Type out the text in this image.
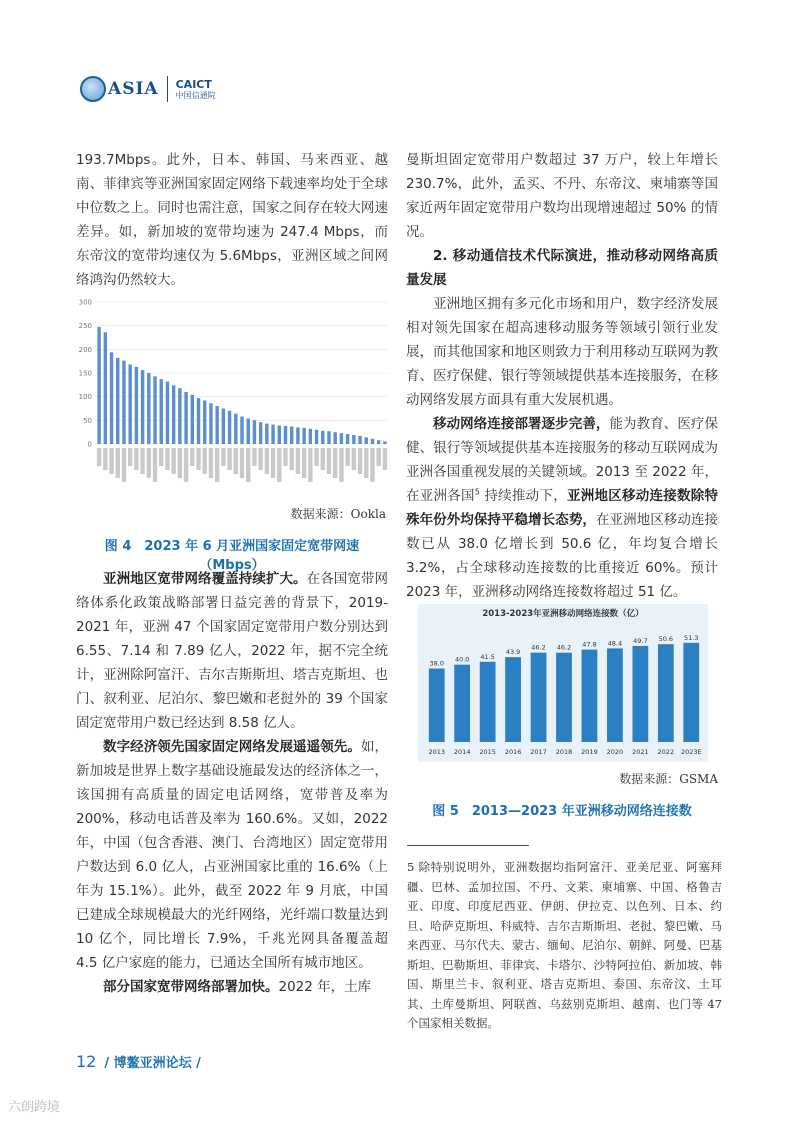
ASIA CAICT
中国信通院

193.7Mbps。此外，日本、韩国、马来西亚、越南、菲律宾等亚洲国家固定网络下载速率均处于全球中位数之上。同时也需注意，国家之间存在较大网速差异。如，新加坡的宽带均速为 247.4 Mbps，而东帝汶的宽带均速仅为 5.6Mbps，亚洲区域之间网络鸿沟仍然较大。

0
50
100
150
200
250
300
数据来源：Ookla
图 4　2023 年 6 月亚洲国家固定宽带网速（Mbps）

亚洲地区宽带网络覆盖持续扩大。在各国宽带网络体系化政策战略部署日益完善的背景下，2019-2021 年，亚洲 47 个国家固定宽带用户数分别达到 6.55、7.14 和 7.89 亿人，2022 年，据不完全统计，亚洲除阿富汗、吉尔吉斯斯坦、塔吉克斯坦、也门、叙利亚、尼泊尔、黎巴嫩和老挝外的 39 个国家固定宽带用户数已经达到 8.58 亿人。

数字经济领先国家固定网络发展遥遥领先。如，新加坡是世界上数字基础设施最发达的经济体之一，该国拥有高质量的固定电话网络，宽带普及率为 200%，移动电话普及率为 160.6%。又如，2022 年，中国（包含香港、澳门、台湾地区）固定宽带用户数达到 6.0 亿人，占亚洲国家比重的 16.6%（上年为 15.1%）。此外，截至 2022 年 9 月底，中国已建成全球规模最大的光纤网络，光纤端口数量达到 10 亿个，同比增长 7.9%，千兆光网具备覆盖超 4.5 亿户家庭的能力，已通达全国所有城市地区。

部分国家宽带网络部署加快。2022 年，土库

曼斯坦固定宽带用户数超过 37 万户，较上年增长 230.7%，此外，孟买、不丹、东帝汶、柬埔寨等国家近两年固定宽带用户数均出现增速超过 50% 的情况。

2. 移动通信技术代际演进，推动移动网络高质量发展

亚洲地区拥有多元化市场和用户，数字经济发展相对领先国家在超高速移动服务等领域引领行业发展，而其他国家和地区则致力于利用移动互联网为教育、医疗保健、银行等领域提供基本连接服务，在移动网络发展方面具有重大发展机遇。

移动网络连接部署逐步完善，能为教育、医疗保健、银行等领域提供基本连接服务的移动互联网成为亚洲各国重视发展的关键领域。2013 至 2022 年，在亚洲各国$^5$ 持续推动下，亚洲地区移动连接数除特殊年份外均保持平稳增长态势，在亚洲地区移动连接数已从 38.0 亿增长到 50.6 亿，年均复合增长 3.2%，占全球移动连接数的比重接近 60%。预计 2023 年，亚洲移动网络连接数将超过 51 亿。

2013-2023年亚洲移动网络连接数（亿）
38.0
2013
40.0
2014
41.5
2015
43.9
2016
46.2
2017
46.2
2018
47.8
2019
48.4
2020
49.7
2021
50.6
2022
51.3
2023E
数据来源：GSMA
图 5　2013—2023 年亚洲移动网络连接数
5 除特别说明外，亚洲数据均指阿富汗、亚美尼亚、阿塞拜疆、巴林、孟加拉国、不丹、文莱、柬埔寨、中国、格鲁吉亚、印度、印度尼西亚、伊朗、伊拉克、以色列、日本、约旦、哈萨克斯坦、科威特、吉尔吉斯斯坦、老挝、黎巴嫩、马来西亚、马尔代夫、蒙古、缅甸、尼泊尔、朝鲜、阿曼、巴基斯坦、巴勒斯坦、菲律宾、卡塔尔、沙特阿拉伯、新加坡、韩国、斯里兰卡、叙利亚、塔吉克斯坦、泰国、东帝汶、土耳其、土库曼斯坦、阿联酋、乌兹别克斯坦、越南、也门等 47 个国家相关数据。
12 / 博鳌亚洲论坛 /
六朗跨境
